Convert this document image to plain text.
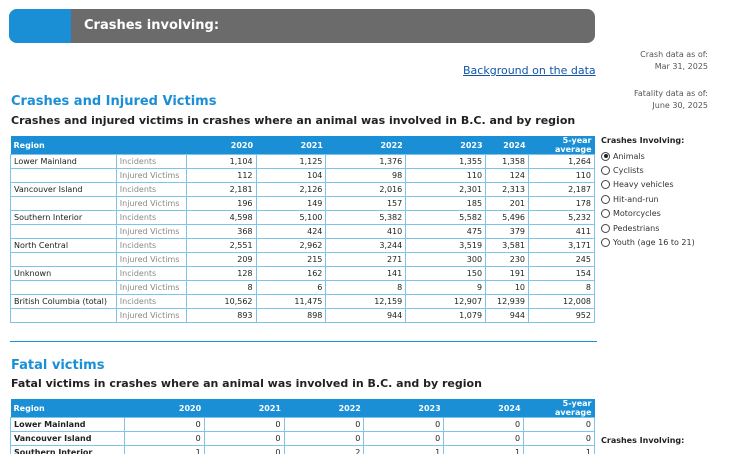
Crashes involving:
Crash data as of:
Mar 31, 2025
Fatality data as of:
June 30, 2025
Background on the data
Crashes and Injured Victims
Crashes and injured victims in crashes where an animal was involved in B.C. and by region
Region		2020	2021	2022	2023	2024	5-year average
Lower Mainland	Incidents	1,104	1,125	1,376	1,355	1,358	1,264
	Injured Victims	112	104	98	110	124	110
Vancouver Island	Incidents	2,181	2,126	2,016	2,301	2,313	2,187
	Injured Victims	196	149	157	185	201	178
Southern Interior	Incidents	4,598	5,100	5,382	5,582	5,496	5,232
	Injured Victims	368	424	410	475	379	411
North Central	Incidents	2,551	2,962	3,244	3,519	3,581	3,171
	Injured Victims	209	215	271	300	230	245
Unknown	Incidents	128	162	141	150	191	154
	Injured Victims	8	6	8	9	10	8
British Columbia (total)	Incidents	10,562	11,475	12,159	12,907	12,939	12,008
	Injured Victims	893	898	944	1,079	944	952
Crashes Involving:
Animals
Cyclists
Heavy vehicles
Hit-and-run
Motorcycles
Pedestrians
Youth (age 16 to 21)
Fatal victims
Fatal victims in crashes where an animal was involved in B.C. and by region
Region	2020	2021	2022	2023	2024	5-year average
Lower Mainland	0	0	0	0	0	0
Vancouver Island	0	0	0	0	0	0
Southern Interior	1	0	2	1	1	1
Crashes Involving:
